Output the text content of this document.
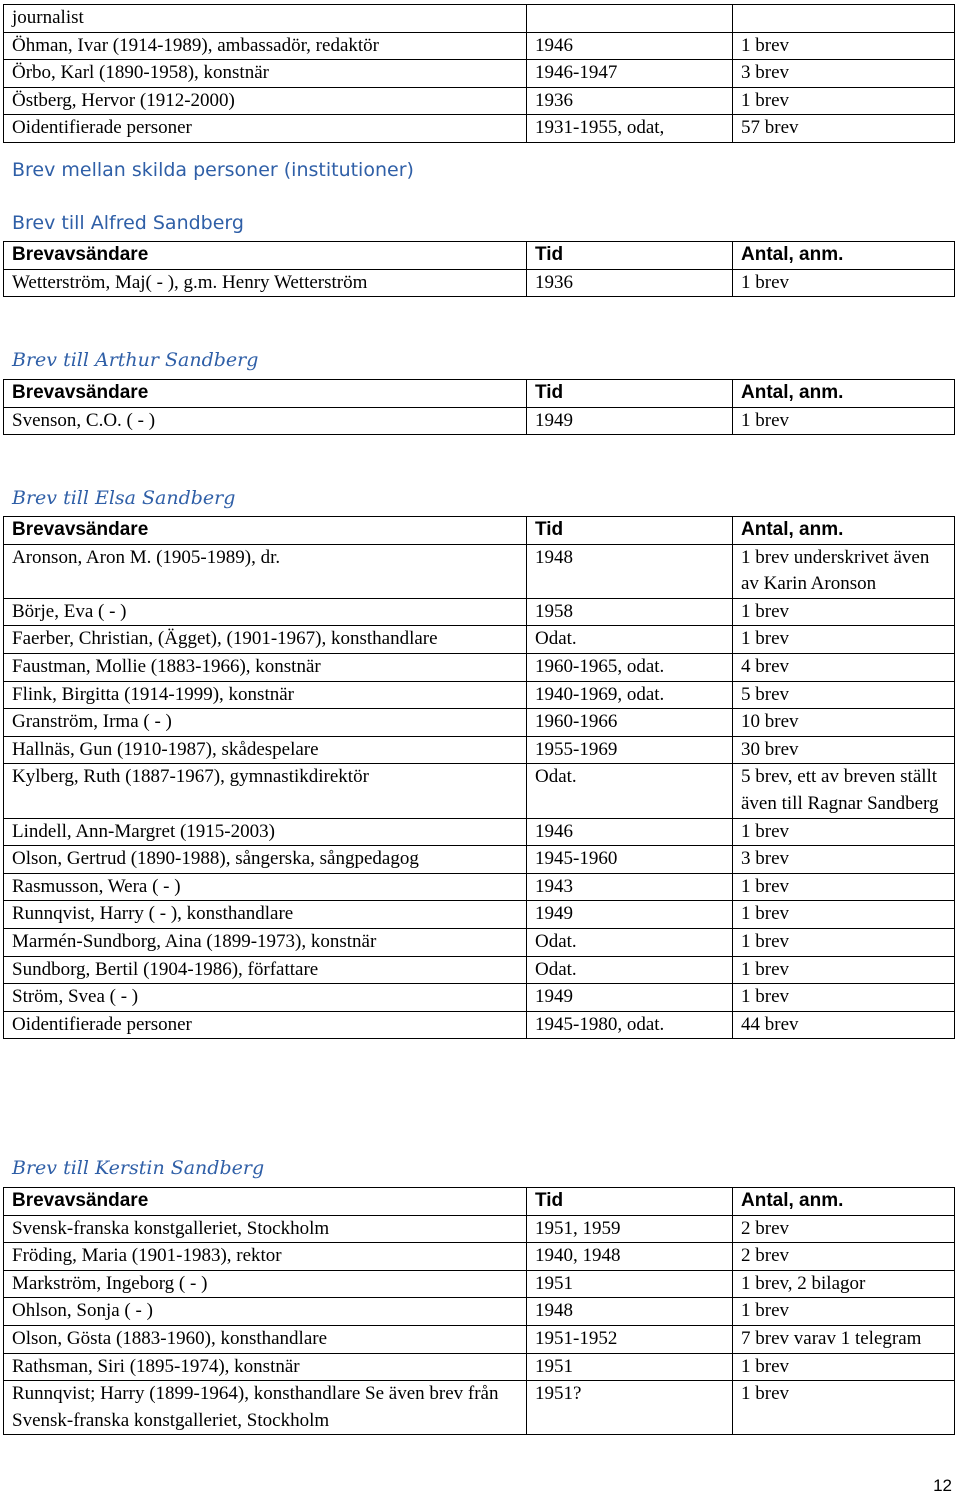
journalist		
Öhman, Ivar (1914-1989), ambassadör, redaktör	1946	1 brev
Örbo, Karl (1890-1958), konstnär	1946-1947	3 brev
Östberg, Hervor (1912-2000)	1936	1 brev
Oidentifierade personer	1931-1955, odat,	57 brev
Brev mellan skilda personer (institutioner)
Brev till Alfred Sandberg
Brevavsändare	Tid	Antal, anm.
Wetterström, Maj( - ), g.m. Henry Wetterström	1936	1 brev
Brev till Arthur Sandberg
Brevavsändare	Tid	Antal, anm.
Svenson, C.O. ( - )	1949	1 brev
Brev till Elsa Sandberg
Brevavsändare	Tid	Antal, anm.
Aronson, Aron M. (1905-1989), dr.	1948	1 brev underskrivet även av Karin Aronson
Börje, Eva ( - )	1958	1 brev
Faerber, Christian, (Ägget), (1901-1967), konsthandlare	Odat.	1 brev
Faustman, Mollie (1883-1966), konstnär	1960-1965, odat.	4 brev
Flink, Birgitta (1914-1999), konstnär	1940-1969, odat.	5 brev
Granström, Irma ( - )	1960-1966	10 brev
Hallnäs, Gun (1910-1987), skådespelare	1955-1969	30 brev
Kylberg, Ruth (1887-1967), gymnastikdirektör	Odat.	5 brev, ett av breven ställt även till Ragnar Sandberg
Lindell, Ann-Margret (1915-2003)	1946	1 brev
Olson, Gertrud (1890-1988), sångerska, sångpedagog	1945-1960	3 brev
Rasmusson, Wera ( - )	1943	1 brev
Runnqvist, Harry ( - ), konsthandlare	1949	1 brev
Marmén-Sundborg, Aina (1899-1973), konstnär	Odat.	1 brev
Sundborg, Bertil (1904-1986), författare	Odat.	1 brev
Ström, Svea ( - )	1949	1 brev
Oidentifierade personer	1945-1980, odat.	44 brev
Brev till Kerstin Sandberg
Brevavsändare	Tid	Antal, anm.
Svensk-franska konstgalleriet, Stockholm	1951, 1959	2 brev
Fröding, Maria (1901-1983), rektor	1940, 1948	2 brev
Markström, Ingeborg ( - )	1951	1 brev, 2 bilagor
Ohlson, Sonja ( - )	1948	1 brev
Olson, Gösta (1883-1960), konsthandlare	1951-1952	7 brev varav 1 telegram
Rathsman, Siri (1895-1974), konstnär	1951	1 brev
Runnqvist; Harry (1899-1964), konsthandlare Se även brev från Svensk-franska konstgalleriet, Stockholm	1951?	1 brev
12
